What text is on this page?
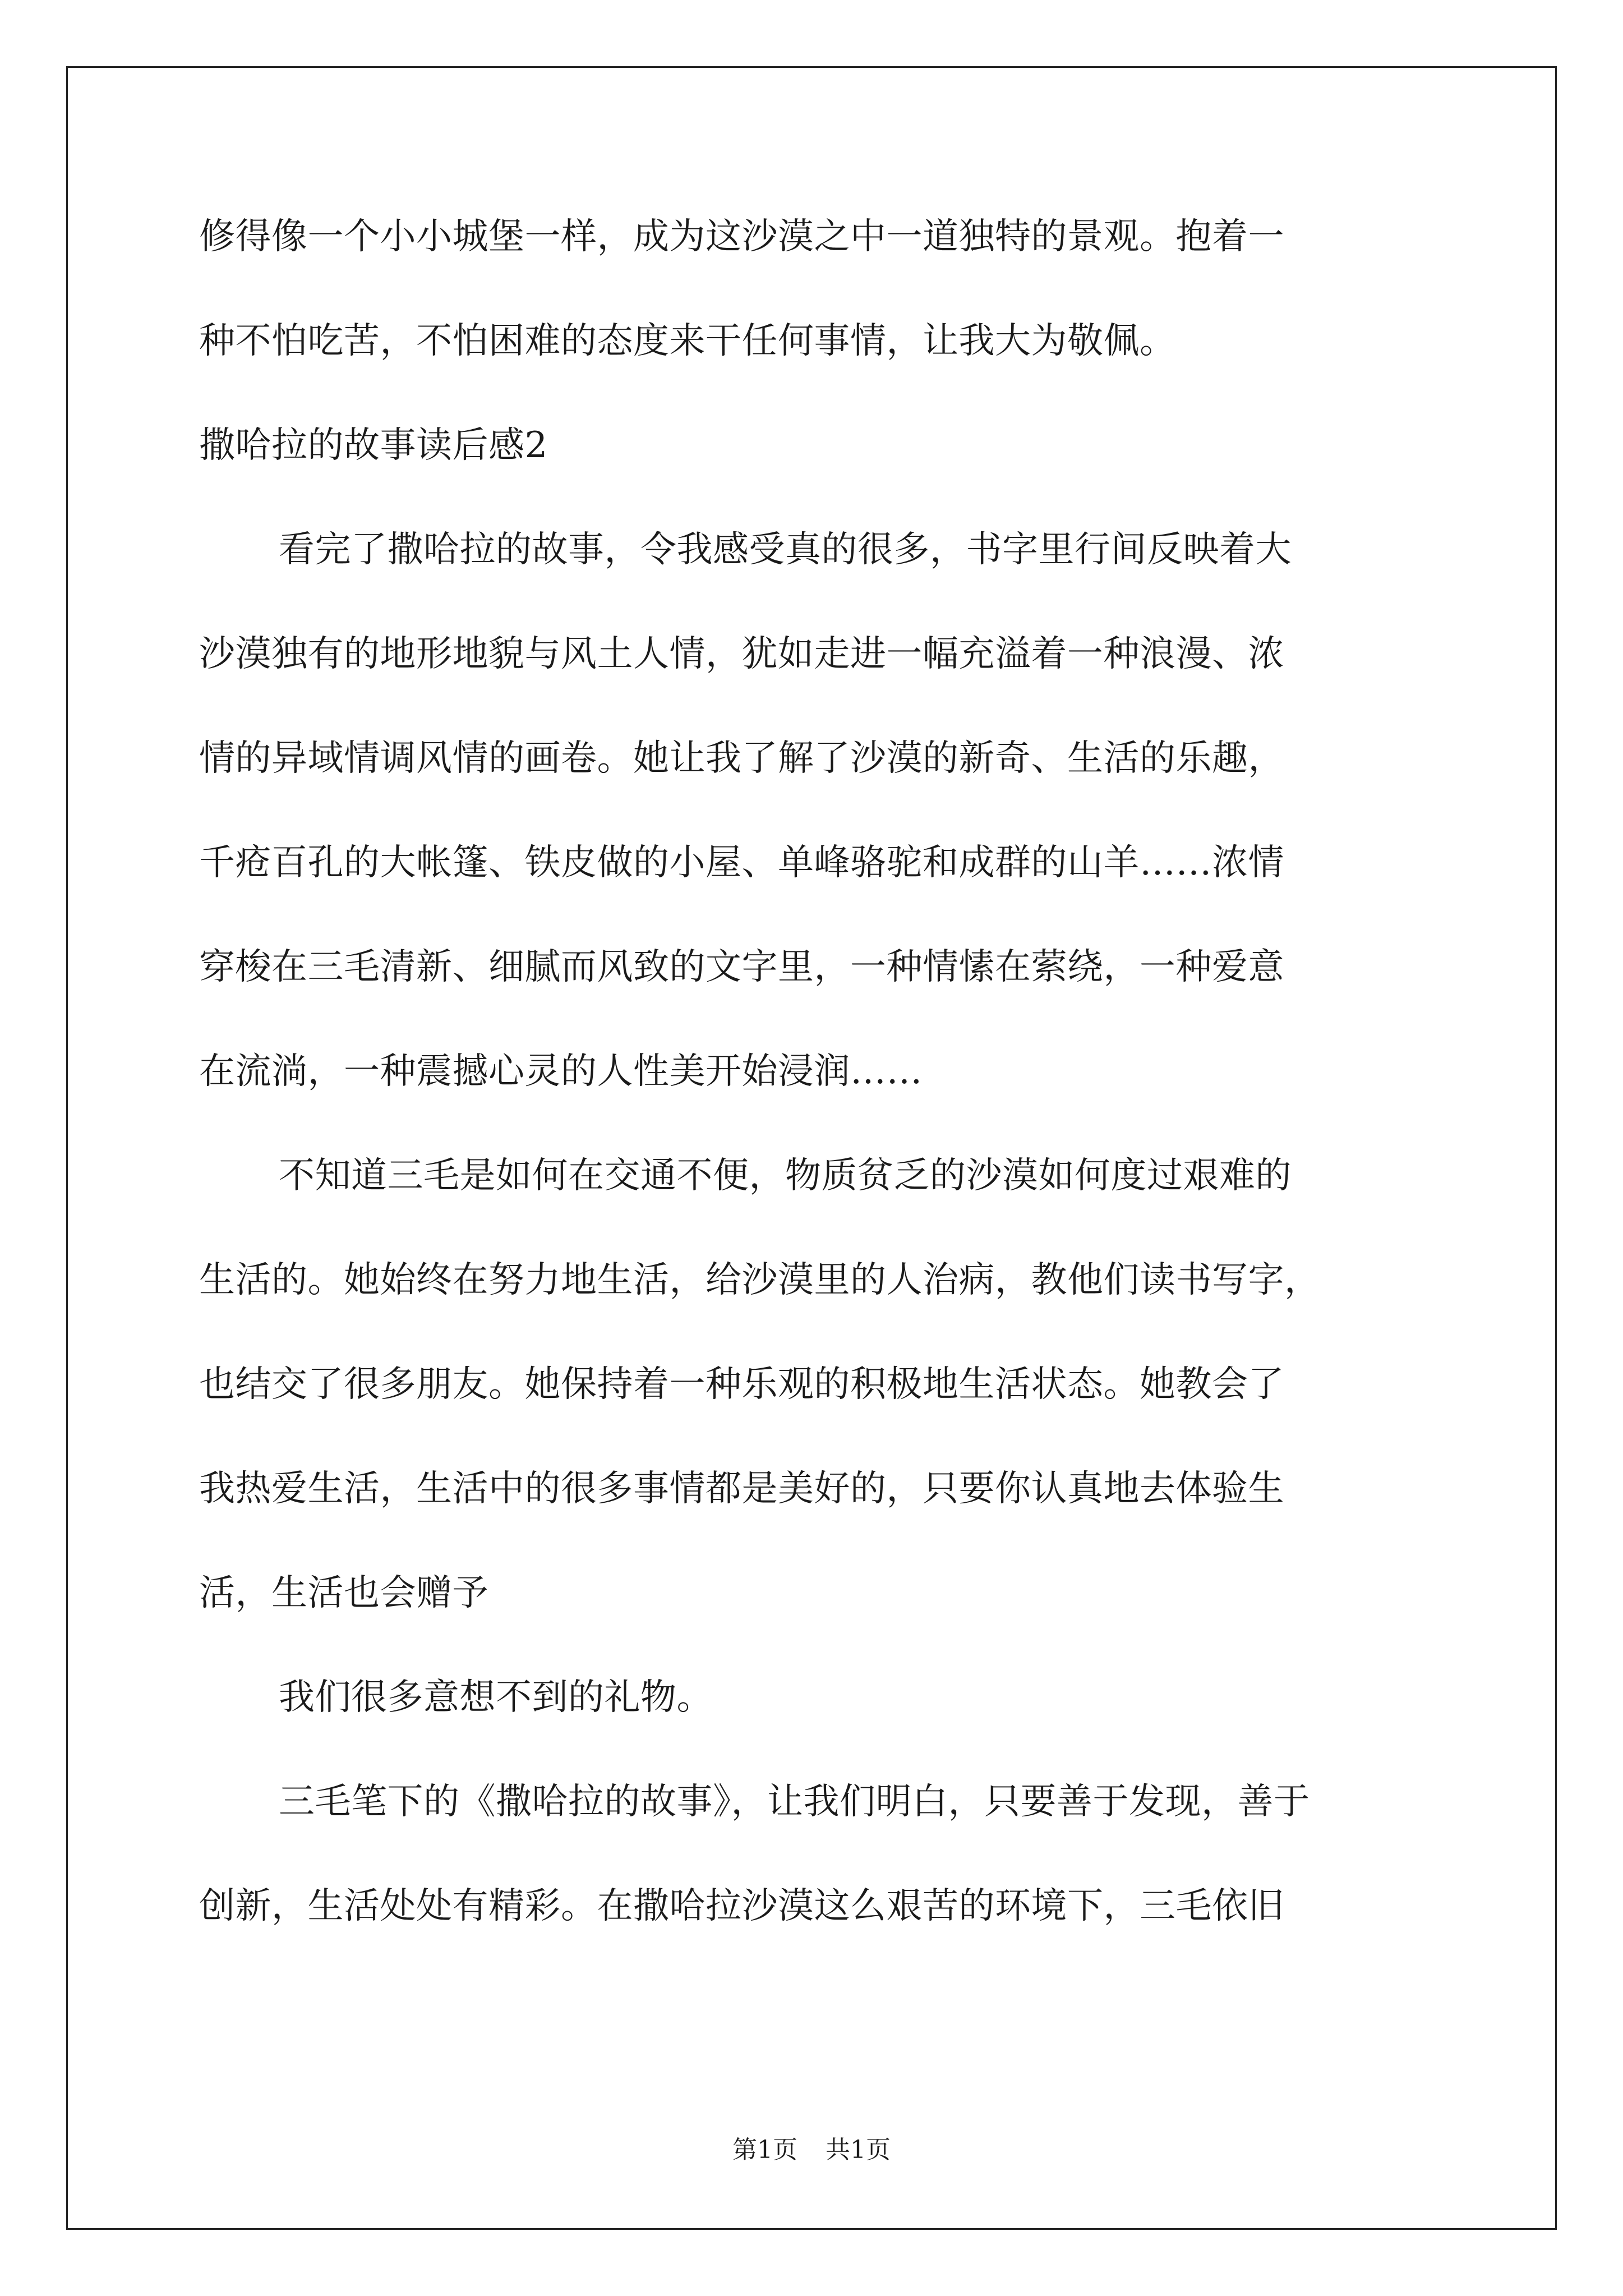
修得像一个小小城堡一样，成为这沙漠之中一道独特的景观。抱着一
种不怕吃苦，不怕困难的态度来干任何事情，让我大为敬佩。
撒哈拉的故事读后感2
看完了撒哈拉的故事，令我感受真的很多，书字里行间反映着大
沙漠独有的地形地貌与风土人情，犹如走进一幅充溢着一种浪漫、浓
情的异域情调风情的画卷。她让我了解了沙漠的新奇、生活的乐趣，
千疮百孔的大帐篷、铁皮做的小屋、单峰骆驼和成群的山羊……浓情
穿梭在三毛清新、细腻而风致的文字里，一种情愫在萦绕，一种爱意
在流淌，一种震撼心灵的人性美开始浸润……
不知道三毛是如何在交通不便，物质贫乏的沙漠如何度过艰难的
生活的。她始终在努力地生活，给沙漠里的人治病，教他们读书写字，
也结交了很多朋友。她保持着一种乐观的积极地生活状态。她教会了
我热爱生活，生活中的很多事情都是美好的，只要你认真地去体验生
活，生活也会赠予
我们很多意想不到的礼物。
三毛笔下的《撒哈拉的故事》，让我们明白，只要善于发现，善于
创新，生活处处有精彩。在撒哈拉沙漠这么艰苦的环境下，三毛依旧
第1页 共1页
